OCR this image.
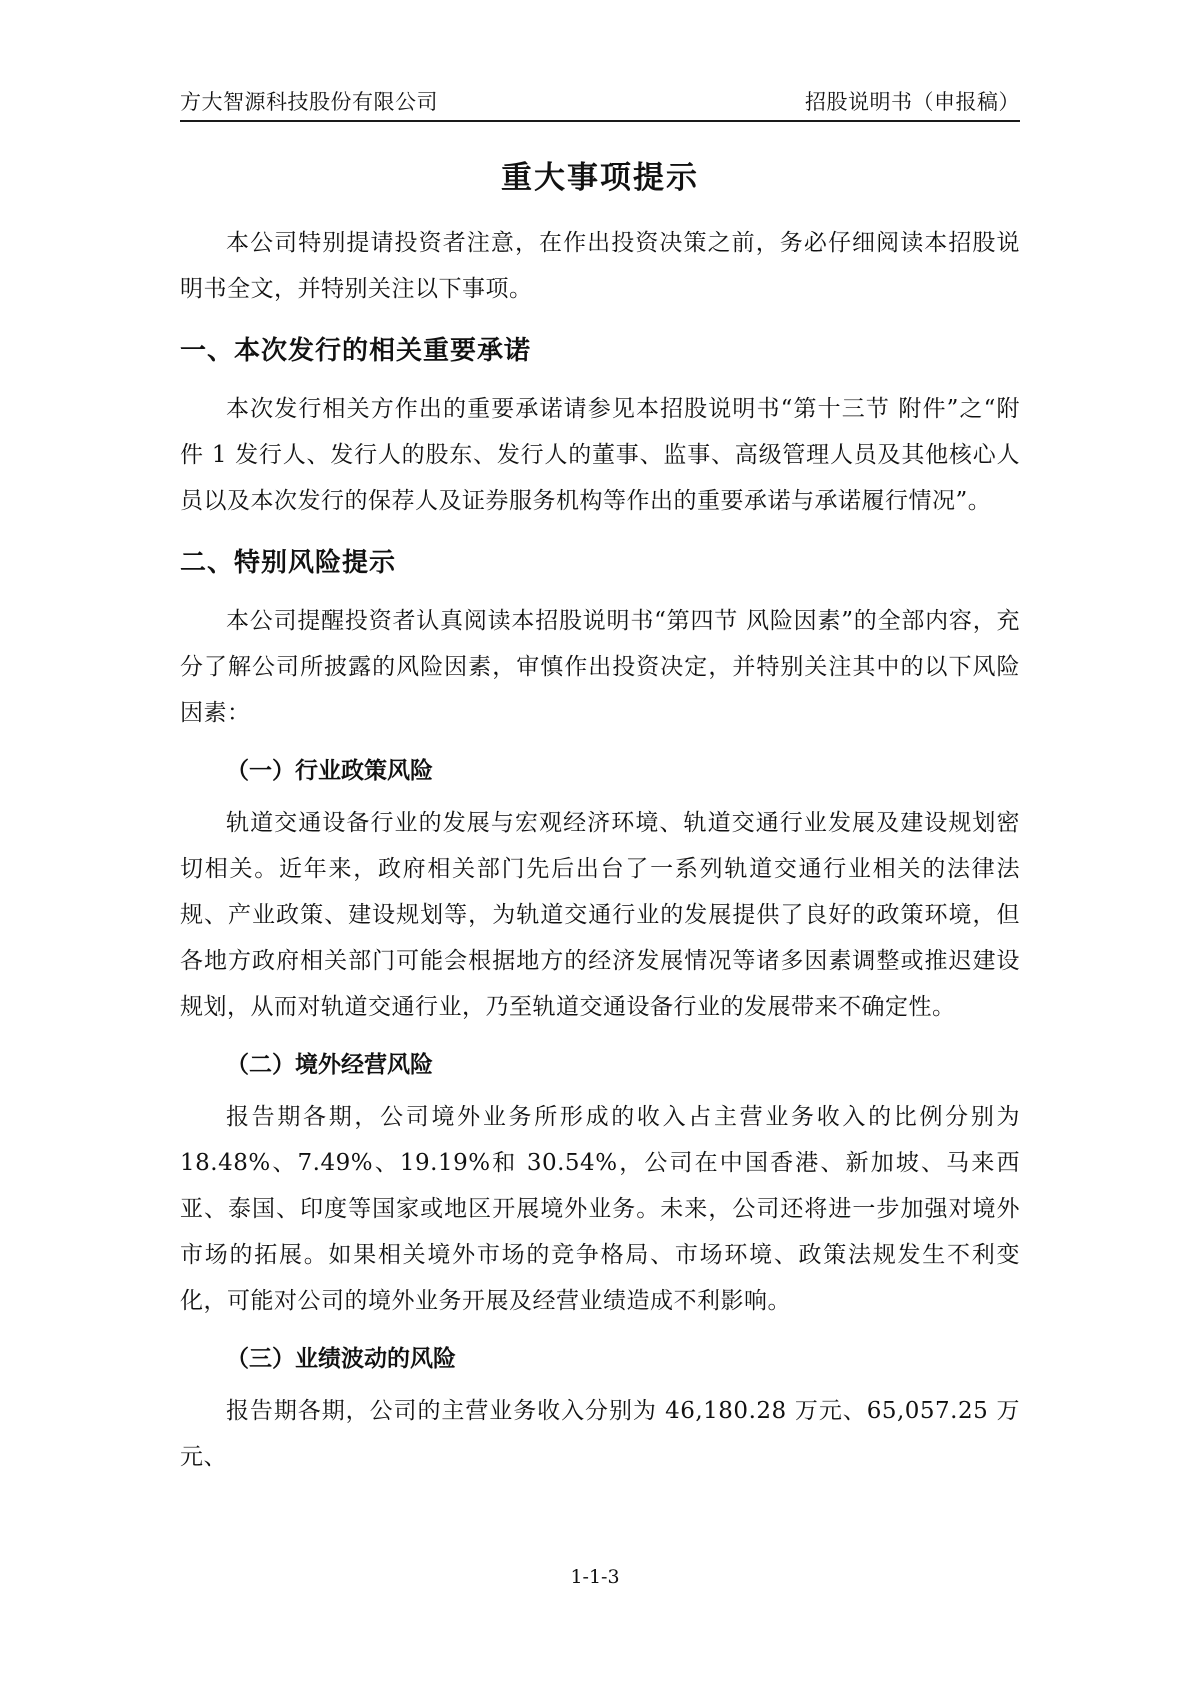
方大智源科技股份有限公司	招股说明书（申报稿）
重大事项提示

本公司特别提请投资者注意，在作出投资决策之前，务必仔细阅读本招股说明书全文，并特别关注以下事项。

一、本次发行的相关重要承诺

本次发行相关方作出的重要承诺请参见本招股说明书“第十三节 附件”之“附件 1 发行人、发行人的股东、发行人的董事、监事、高级管理人员及其他核心人员以及本次发行的保荐人及证券服务机构等作出的重要承诺与承诺履行情况”。

二、特别风险提示

本公司提醒投资者认真阅读本招股说明书“第四节 风险因素”的全部内容，充分了解公司所披露的风险因素，审慎作出投资决定，并特别关注其中的以下风险因素：

（一）行业政策风险

轨道交通设备行业的发展与宏观经济环境、轨道交通行业发展及建设规划密切相关。近年来，政府相关部门先后出台了一系列轨道交通行业相关的法律法规、产业政策、建设规划等，为轨道交通行业的发展提供了良好的政策环境，但各地方政府相关部门可能会根据地方的经济发展情况等诸多因素调整或推迟建设规划，从而对轨道交通行业，乃至轨道交通设备行业的发展带来不确定性。

（二）境外经营风险

报告期各期，公司境外业务所形成的收入占主营业务收入的比例分别为 18.48%、7.49%、19.19%和 30.54%，公司在中国香港、新加坡、马来西亚、泰国、印度等国家或地区开展境外业务。未来，公司还将进一步加强对境外市场的拓展。如果相关境外市场的竞争格局、市场环境、政策法规发生不利变化，可能对公司的境外业务开展及经营业绩造成不利影响。

（三）业绩波动的风险

报告期各期，公司的主营业务收入分别为 46,180.28 万元、65,057.25 万元、

1-1-3
